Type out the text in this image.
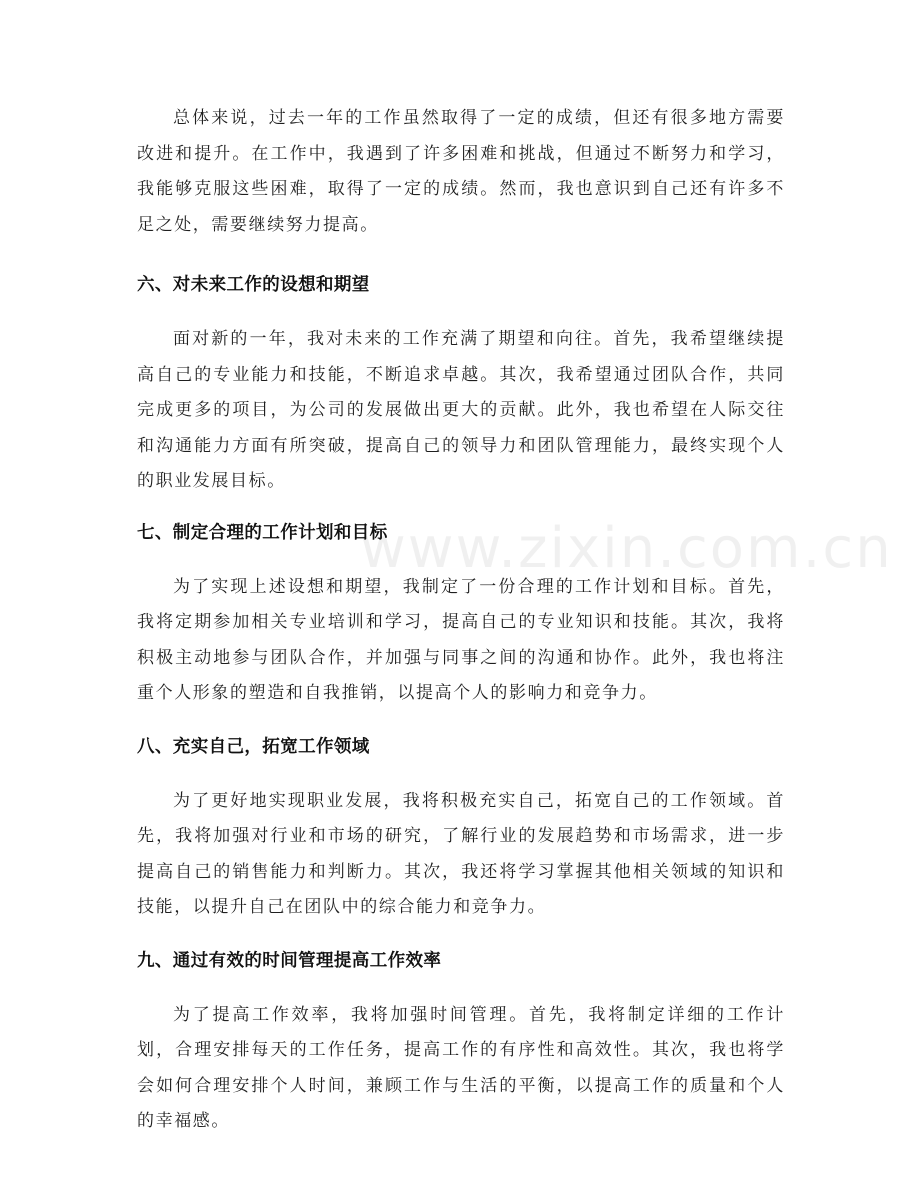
总体来说，过去一年的工作虽然取得了一定的成绩，但还有很多地方需要改进和提升。在工作中，我遇到了许多困难和挑战，但通过不断努力和学习，我能够克服这些困难，取得了一定的成绩。然而，我也意识到自己还有许多不足之处，需要继续努力提高。

六、对未来工作的设想和期望

面对新的一年，我对未来的工作充满了期望和向往。首先，我希望继续提高自己的专业能力和技能，不断追求卓越。其次，我希望通过团队合作，共同完成更多的项目，为公司的发展做出更大的贡献。此外，我也希望在人际交往和沟通能力方面有所突破，提高自己的领导力和团队管理能力，最终实现个人的职业发展目标。

七、制定合理的工作计划和目标

为了实现上述设想和期望，我制定了一份合理的工作计划和目标。首先，我将定期参加相关专业培训和学习，提高自己的专业知识和技能。其次，我将积极主动地参与团队合作，并加强与同事之间的沟通和协作。此外，我也将注重个人形象的塑造和自我推销，以提高个人的影响力和竞争力。

八、充实自己，拓宽工作领域

为了更好地实现职业发展，我将积极充实自己，拓宽自己的工作领域。首先，我将加强对行业和市场的研究，了解行业的发展趋势和市场需求，进一步提高自己的销售能力和判断力。其次，我还将学习掌握其他相关领域的知识和技能，以提升自己在团队中的综合能力和竞争力。

九、通过有效的时间管理提高工作效率

为了提高工作效率，我将加强时间管理。首先，我将制定详细的工作计划，合理安排每天的工作任务，提高工作的有序性和高效性。其次，我也将学会如何合理安排个人时间，兼顾工作与生活的平衡，以提高工作的质量和个人的幸福感。

www.zixin.com.cn
